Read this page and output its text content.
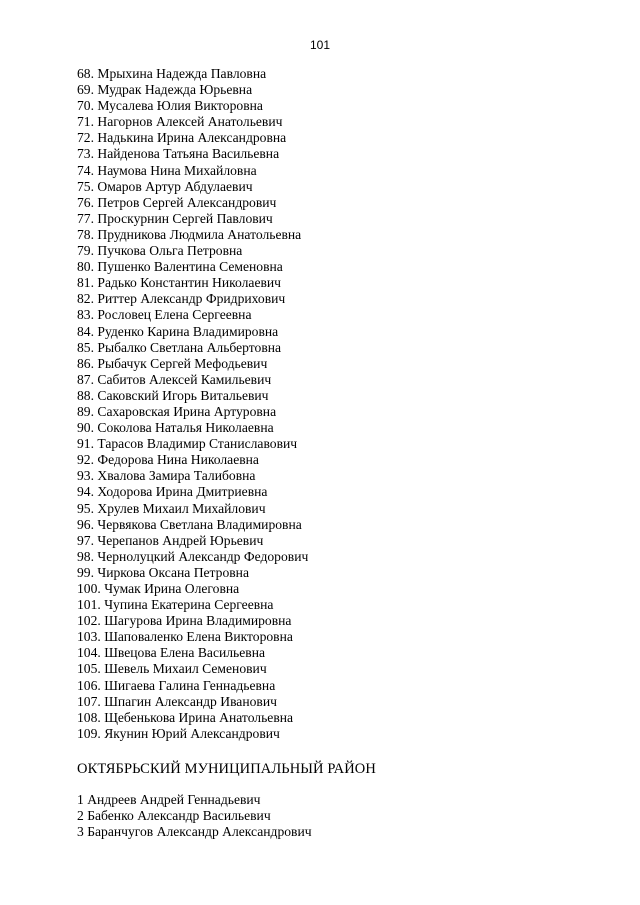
101
68. Мрыхина Надежда Павловна
69. Мудрак Надежда Юрьевна
70. Мусалева Юлия Викторовна
71. Нагорнов Алексей Анатольевич
72. Надькина Ирина Александровна
73. Найденова Татьяна Васильевна
74. Наумова Нина Михайловна
75. Омаров Артур Абдулаевич
76. Петров Сергей Александрович
77. Проскурнин Сергей Павлович
78. Прудникова Людмила Анатольевна
79. Пучкова Ольга Петровна
80. Пушенко Валентина Семеновна
81. Радько Константин Николаевич
82. Риттер Александр Фридрихович
83. Рословец Елена Сергеевна
84. Руденко Карина Владимировна
85. Рыбалко Светлана Альбертовна
86. Рыбачук Сергей Мефодьевич
87. Сабитов Алексей Камильевич
88. Саковский Игорь Витальевич
89. Сахаровская Ирина Артуровна
90. Соколова Наталья Николаевна
91. Тарасов Владимир Станиславович
92. Федорова Нина Николаевна
93. Хвалова Замира Талибовна
94. Ходорова Ирина Дмитриевна
95. Хрулев Михаил Михайлович
96. Червякова Светлана Владимировна
97. Черепанов Андрей Юрьевич
98. Чернолуцкий Александр Федорович
99. Чиркова Оксана Петровна
100. Чумак Ирина Олеговна
101. Чупина Екатерина Сергеевна
102. Шагурова Ирина Владимировна
103. Шаповаленко Елена Викторовна
104. Швецова Елена Васильевна
105. Шевель Михаил Семенович
106. Шигаева Галина Геннадьевна
107. Шпагин Александр Иванович
108. Щебенькова Ирина Анатольевна
109. Якунин Юрий Александрович
ОКТЯБРЬСКИЙ МУНИЦИПАЛЬНЫЙ РАЙОН
1 Андреев Андрей Геннадьевич
2 Бабенко Александр Васильевич
3 Баранчугов Александр Александрович
